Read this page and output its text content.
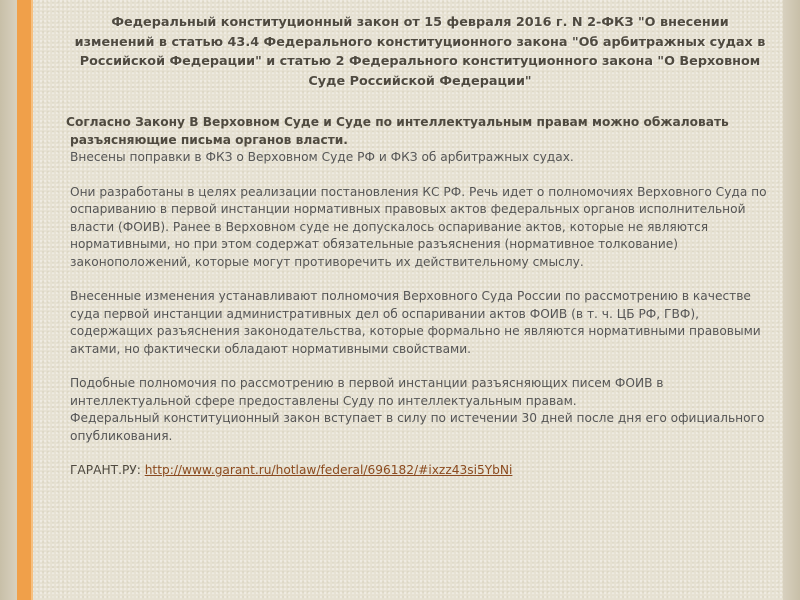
Федеральный конституционный закон от 15 февраля 2016 г. N 2-ФКЗ "О внесении изменений в статью 43.4 Федерального конституционного закона "Об арбитражных судах в Российской Федерации" и статью 2 Федерального конституционного закона "О Верховном Суде Российской Федерации"

Согласно Закону В Верховном Суде и Суде по интеллектуальным правам можно обжаловать разъясняющие письма органов власти.

Внесены поправки в ФКЗ о Верховном Суде РФ и ФКЗ об арбитражных судах.

Они разработаны в целях реализации постановления КС РФ. Речь идет о полномочиях Верховного Суда по оспариванию в первой инстанции нормативных правовых актов федеральных органов исполнительной власти (ФОИВ). Ранее в Верховном суде не допускалось оспаривание актов, которые не являются нормативными, но при этом содержат обязательные разъяснения (нормативное толкование) законоположений, которые могут противоречить их действительному смыслу.

Внесенные изменения устанавливают полномочия Верховного Суда России по рассмотрению в качестве суда первой инстанции административных дел об оспаривании актов ФОИВ (в т. ч. ЦБ РФ, ГВФ), содержащих разъяснения законодательства, которые формально не являются нормативными правовыми актами, но фактически обладают нормативными свойствами.

Подобные полномочия по рассмотрению в первой инстанции разъясняющих писем ФОИВ в интеллектуальной сфере предоставлены Суду по интеллектуальным правам.

Федеральный конституционный закон вступает в силу по истечении 30 дней после дня его официального опубликования.

ГАРАНТ.РУ: http://www.garant.ru/hotlaw/federal/696182/#ixzz43si5YbNi
